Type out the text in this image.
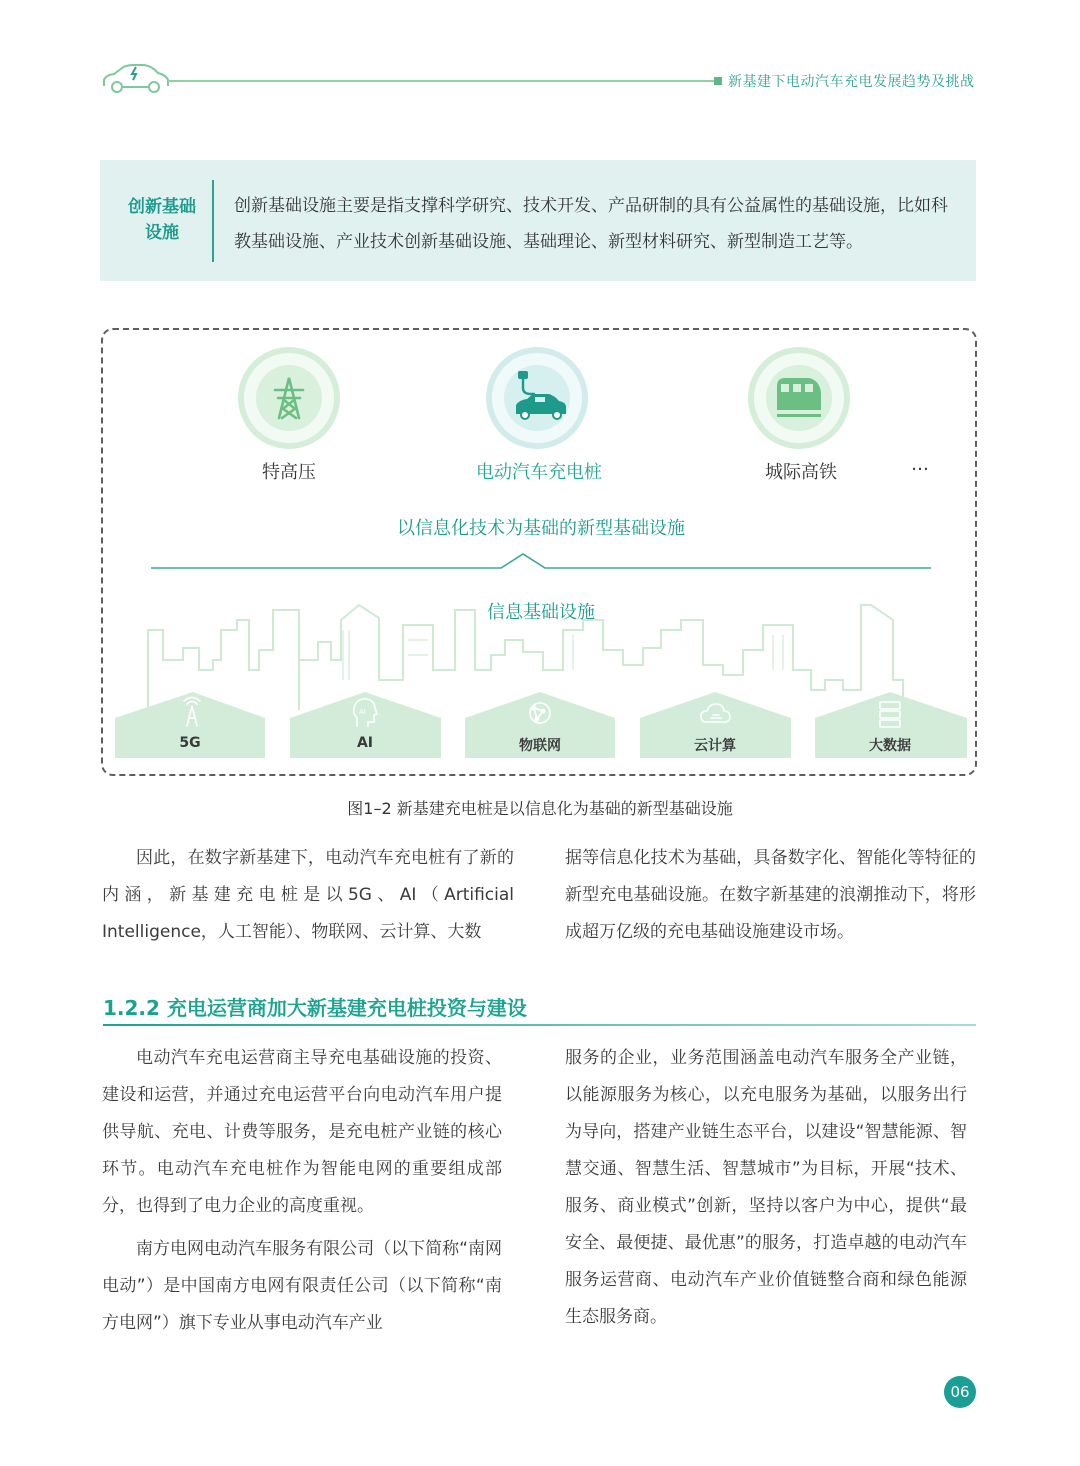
新基建下电动汽车充电发展趋势及挑战
创新基础
设施
创新基础设施主要是指支撑科学研究、技术开发、产品研制的具有公益属性的基础设施，比如科教基础设施、产业技术创新基础设施、基础理论、新型材料研究、新型制造工艺等。
AI
特高压	电动汽车充电桩	城际高铁	…
以信息化技术为基础的新型基础设施
信息基础设施
5G	AI	物联网	云计算	大数据
图1–2 新基建充电桩是以信息化为基础的新型基础设施

因此，在数字新基建下，电动汽车充电桩有了新的内涵，新基建充电桩是以5G、AI（Artificial Intelligence，人工智能）、物联网、云计算、大数

据等信息化技术为基础，具备数字化、智能化等特征的新型充电基础设施。在数字新基建的浪潮推动下，将形成超万亿级的充电基础设施建设市场。

1.2.2 充电运营商加大新基建充电桩投资与建设

电动汽车充电运营商主导充电基础设施的投资、建设和运营，并通过充电运营平台向电动汽车用户提供导航、充电、计费等服务，是充电桩产业链的核心环节。电动汽车充电桩作为智能电网的重要组成部分，也得到了电力企业的高度重视。

南方电网电动汽车服务有限公司（以下简称“南网电动”）是中国南方电网有限责任公司（以下简称“南方电网”）旗下专业从事电动汽车产业

服务的企业，业务范围涵盖电动汽车服务全产业链，以能源服务为核心，以充电服务为基础，以服务出行为导向，搭建产业链生态平台，以建设“智慧能源、智慧交通、智慧生活、智慧城市”为目标，开展“技术、服务、商业模式”创新，坚持以客户为中心，提供“最安全、最便捷、最优惠”的服务，打造卓越的电动汽车服务运营商、电动汽车产业价值链整合商和绿色能源生态服务商。

06
